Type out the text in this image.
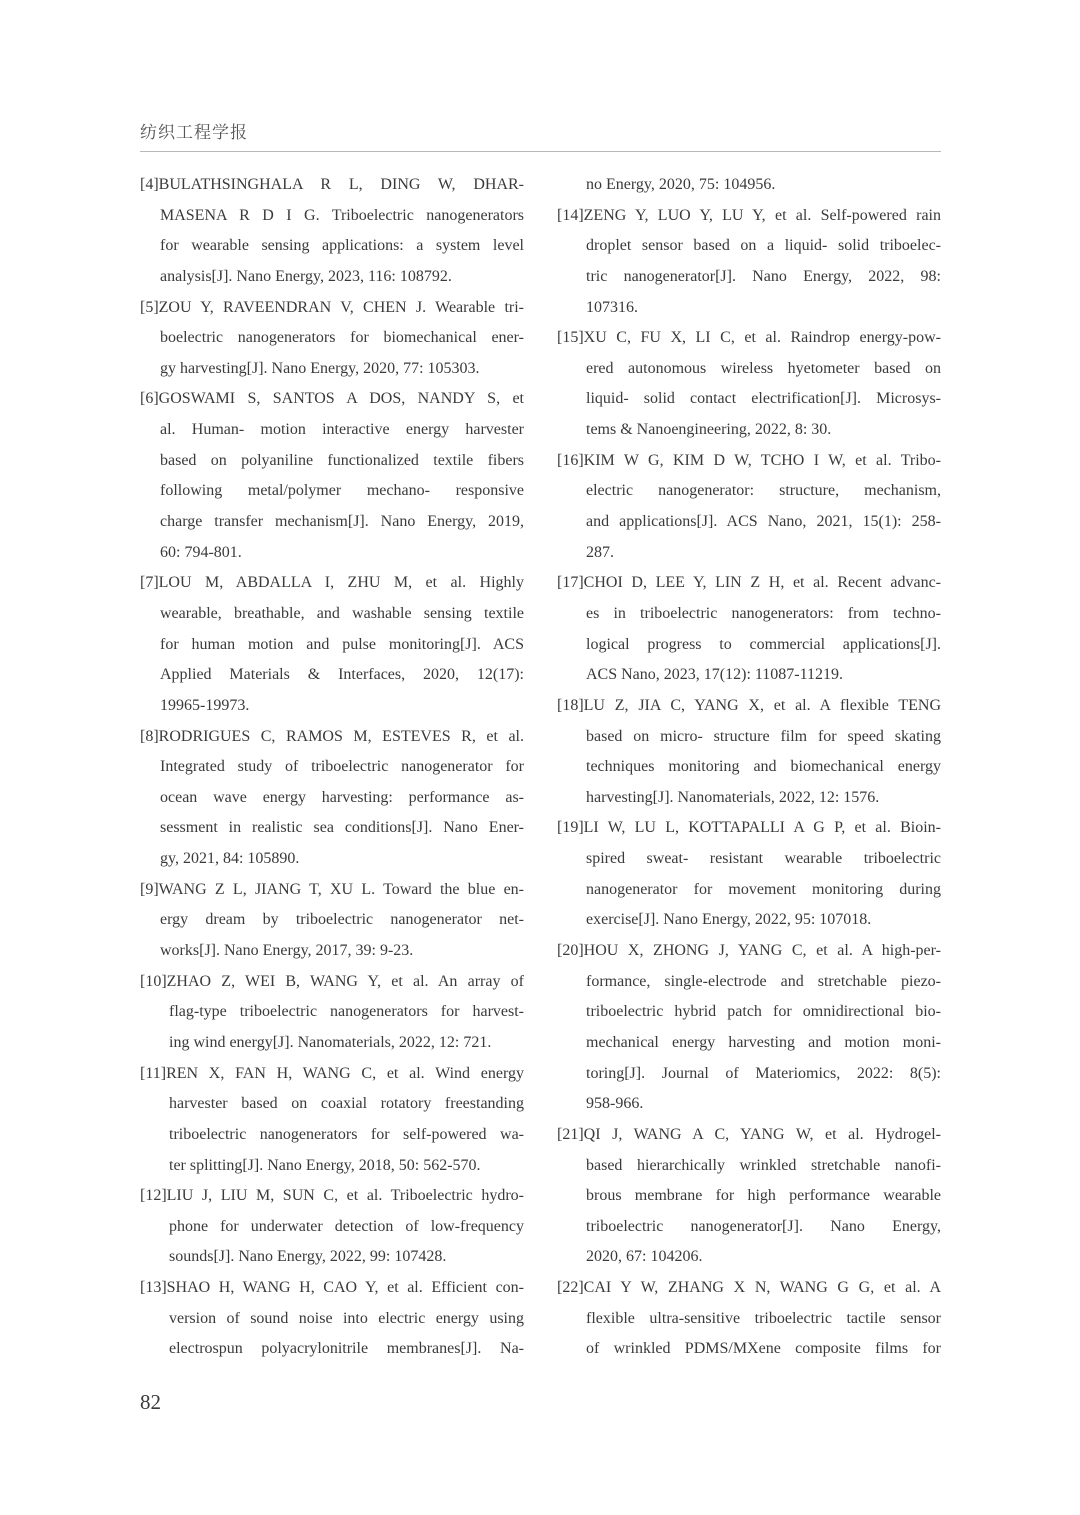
纺织工程学报
[4]BULATHSINGHALA R L, DING W, DHAR-
MASENA R D I G. Triboelectric nanogenerators
for wearable sensing applications: a system level
analysis[J]. Nano Energy, 2023, 116: 108792.
[5]ZOU Y, RAVEENDRAN V, CHEN J. Wearable tri-
boelectric nanogenerators for biomechanical ener-
gy harvesting[J]. Nano Energy, 2020, 77: 105303.
[6]GOSWAMI S, SANTOS A DOS, NANDY S, et
al. Human- motion interactive energy harvester
based on polyaniline functionalized textile fibers
following metal/polymer mechano- responsive
charge transfer mechanism[J]. Nano Energy, 2019,
60: 794-801.
[7]LOU M, ABDALLA I, ZHU M, et al. Highly
wearable, breathable, and washable sensing textile
for human motion and pulse monitoring[J]. ACS
Applied Materials & Interfaces, 2020, 12(17):
19965-19973.
[8]RODRIGUES C, RAMOS M, ESTEVES R, et al.
Integrated study of triboelectric nanogenerator for
ocean wave energy harvesting: performance as-
sessment in realistic sea conditions[J]. Nano Ener-
gy, 2021, 84: 105890.
[9]WANG Z L, JIANG T, XU L. Toward the blue en-
ergy dream by triboelectric nanogenerator net-
works[J]. Nano Energy, 2017, 39: 9-23.
[10]ZHAO Z, WEI B, WANG Y, et al. An array of
flag-type triboelectric nanogenerators for harvest-
ing wind energy[J]. Nanomaterials, 2022, 12: 721.
[11]REN X, FAN H, WANG C, et al. Wind energy
harvester based on coaxial rotatory freestanding
triboelectric nanogenerators for self-powered wa-
ter splitting[J]. Nano Energy, 2018, 50: 562-570.
[12]LIU J, LIU M, SUN C, et al. Triboelectric hydro-
phone for underwater detection of low-frequency
sounds[J]. Nano Energy, 2022, 99: 107428.
[13]SHAO H, WANG H, CAO Y, et al. Efficient con-
version of sound noise into electric energy using
electrospun polyacrylonitrile membranes[J]. Na-
no Energy, 2020, 75: 104956.
[14]ZENG Y, LUO Y, LU Y, et al. Self-powered rain
droplet sensor based on a liquid- solid triboelec-
tric nanogenerator[J]. Nano Energy, 2022, 98:
107316.
[15]XU C, FU X, LI C, et al. Raindrop energy-pow-
ered autonomous wireless hyetometer based on
liquid- solid contact electrification[J]. Microsys-
tems & Nanoengineering, 2022, 8: 30.
[16]KIM W G, KIM D W, TCHO I W, et al. Tribo-
electric nanogenerator: structure, mechanism,
and applications[J]. ACS Nano, 2021, 15(1): 258-
287.
[17]CHOI D, LEE Y, LIN Z H, et al. Recent advanc-
es in triboelectric nanogenerators: from techno-
logical progress to commercial applications[J].
ACS Nano, 2023, 17(12): 11087-11219.
[18]LU Z, JIA C, YANG X, et al. A flexible TENG
based on micro- structure film for speed skating
techniques monitoring and biomechanical energy
harvesting[J]. Nanomaterials, 2022, 12: 1576.
[19]LI W, LU L, KOTTAPALLI A G P, et al. Bioin-
spired sweat- resistant wearable triboelectric
nanogenerator for movement monitoring during
exercise[J]. Nano Energy, 2022, 95: 107018.
[20]HOU X, ZHONG J, YANG C, et al. A high-per-
formance, single-electrode and stretchable piezo-
triboelectric hybrid patch for omnidirectional bio-
mechanical energy harvesting and motion moni-
toring[J]. Journal of Materiomics, 2022: 8(5):
958-966.
[21]QI J, WANG A C, YANG W, et al. Hydrogel-
based hierarchically wrinkled stretchable nanofi-
brous membrane for high performance wearable
triboelectric nanogenerator[J]. Nano Energy,
2020, 67: 104206.
[22]CAI Y W, ZHANG X N, WANG G G, et al. A
flexible ultra-sensitive triboelectric tactile sensor
of wrinkled PDMS/MXene composite films for
82
